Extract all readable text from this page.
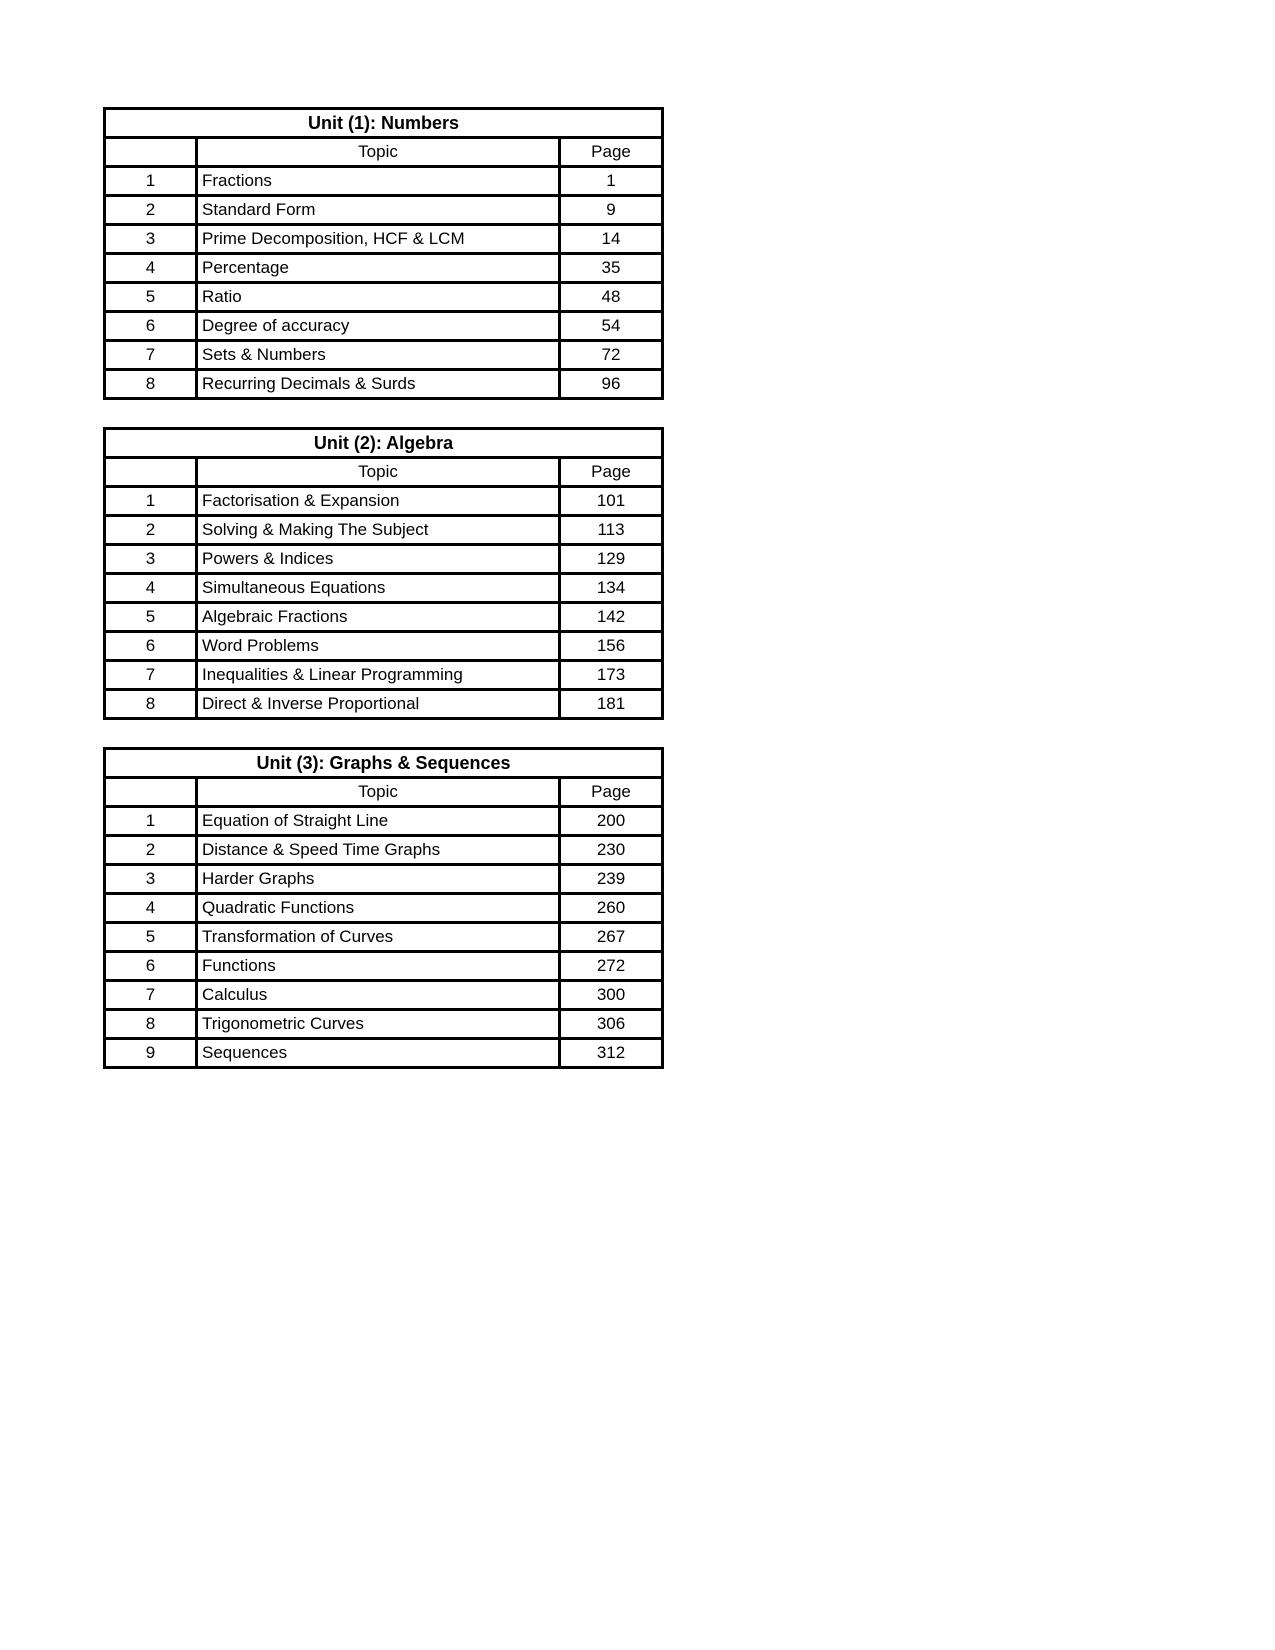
Unit (1): Numbers		
	Topic	Page
1	Fractions	1
2	Standard Form	9
3	Prime Decomposition, HCF & LCM	14
4	Percentage	35
5	Ratio	48
6	Degree of accuracy	54
7	Sets & Numbers	72
8	Recurring Decimals & Surds	96
Unit (2): Algebra		
	Topic	Page
1	Factorisation & Expansion	101
2	Solving & Making The Subject	113
3	Powers & Indices	129
4	Simultaneous Equations	134
5	Algebraic Fractions	142
6	Word Problems	156
7	Inequalities & Linear Programming	173
8	Direct & Inverse Proportional	181
Unit (3): Graphs & Sequences		
	Topic	Page
1	Equation of Straight Line	200
2	Distance & Speed Time Graphs	230
3	Harder Graphs	239
4	Quadratic Functions	260
5	Transformation of Curves	267
6	Functions	272
7	Calculus	300
8	Trigonometric Curves	306
9	Sequences	312
